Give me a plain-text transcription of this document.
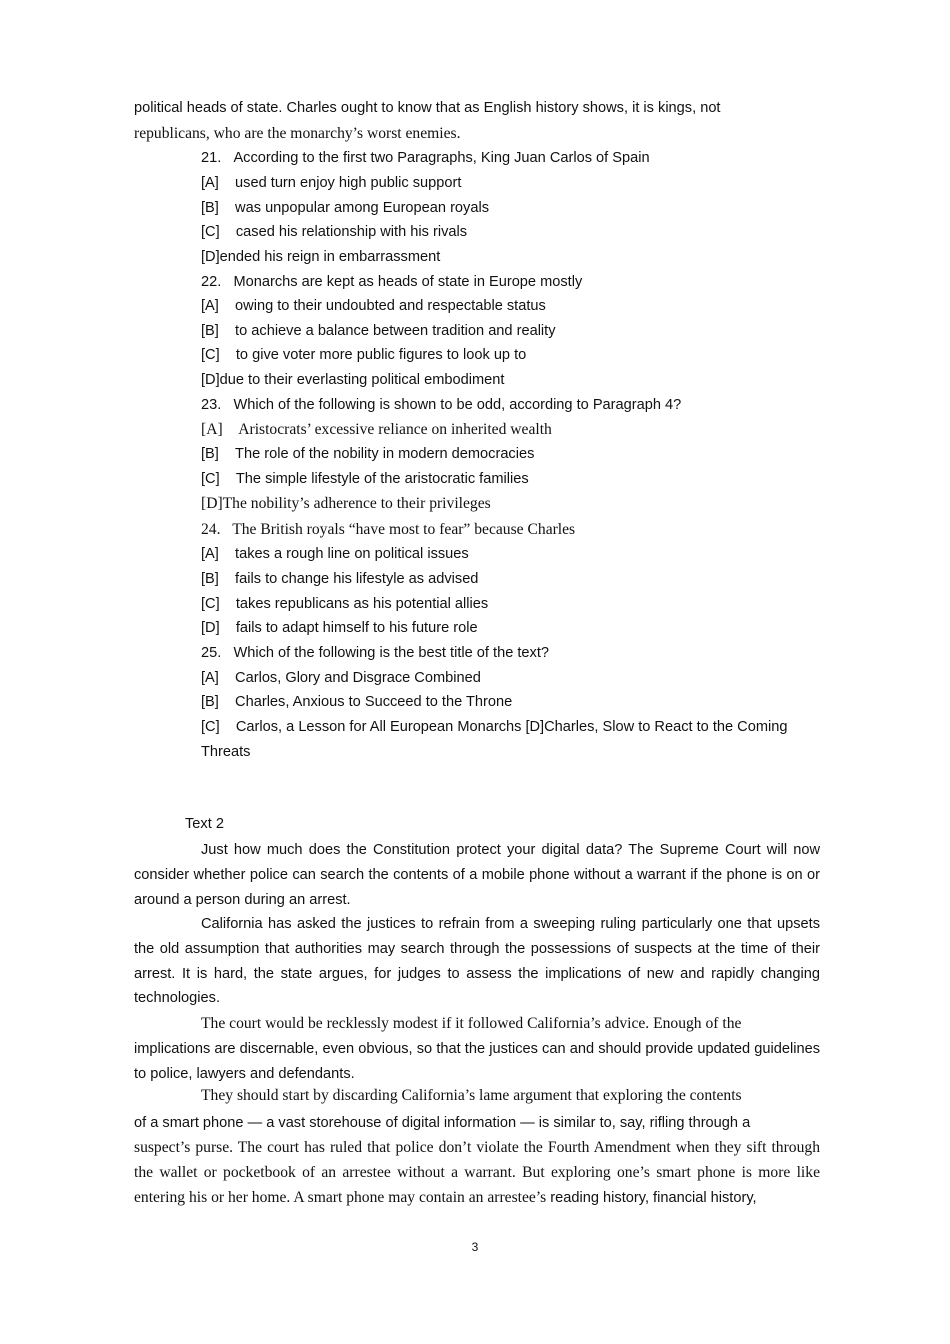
political heads of state. Charles ought to know that as English history shows, it is kings, not
republicans, who are the monarchy’s worst enemies.
21.   According to the first two Paragraphs, King Juan Carlos of Spain
[A]    used turn enjoy high public support
[B]    was unpopular among European royals
[C]    cased his relationship with his rivals
[D]ended his reign in embarrassment
22.   Monarchs are kept as heads of state in Europe mostly
[A]    owing to their undoubted and respectable status
[B]    to achieve a balance between tradition and reality
[C]    to give voter more public figures to look up to
[D]due to their everlasting political embodiment
23.   Which of the following is shown to be odd, according to Paragraph 4?
[A]    Aristocrats’ excessive reliance on inherited wealth
[B]    The role of the nobility in modern democracies
[C]    The simple lifestyle of the aristocratic families
[D]The nobility’s adherence to their privileges
24.   The British royals “have most to fear” because Charles
[A]    takes a rough line on political issues
[B]    fails to change his lifestyle as advised
[C]    takes republicans as his potential allies
[D]    fails to adapt himself to his future role
25.   Which of the following is the best title of the text?
[A]    Carlos, Glory and Disgrace Combined
[B]    Charles, Anxious to Succeed to the Throne
[C]    Carlos, a Lesson for All European Monarchs [D]Charles, Slow to React to the Coming
Threats
Text 2
Just how much does the Constitution protect your digital data? The Supreme Court will now consider whether police can search the contents of a mobile phone without a warrant if the phone is on or around a person during an arrest.
California has asked the justices to refrain from a sweeping ruling particularly one that upsets the old assumption that authorities may search through the possessions of suspects at the time of their arrest. It is hard, the state argues, for judges to assess the implications of new and rapidly changing technologies.
The court would be recklessly modest if it followed California’s advice. Enough of the
implications are discernable, even obvious, so that the justices can and should provide updated guidelines to police, lawyers and defendants.
They should start by discarding California’s lame argument that exploring the contents
of a smart phone — a vast storehouse of digital information — is similar to, say, rifling through a
suspect’s purse. The court has ruled that police don’t violate the Fourth Amendment when they sift through the wallet or pocketbook of an arrestee without a warrant. But exploring one’s smart phone is more like entering his or her home. A smart phone may contain an arrestee’s reading history, financial history,
3
